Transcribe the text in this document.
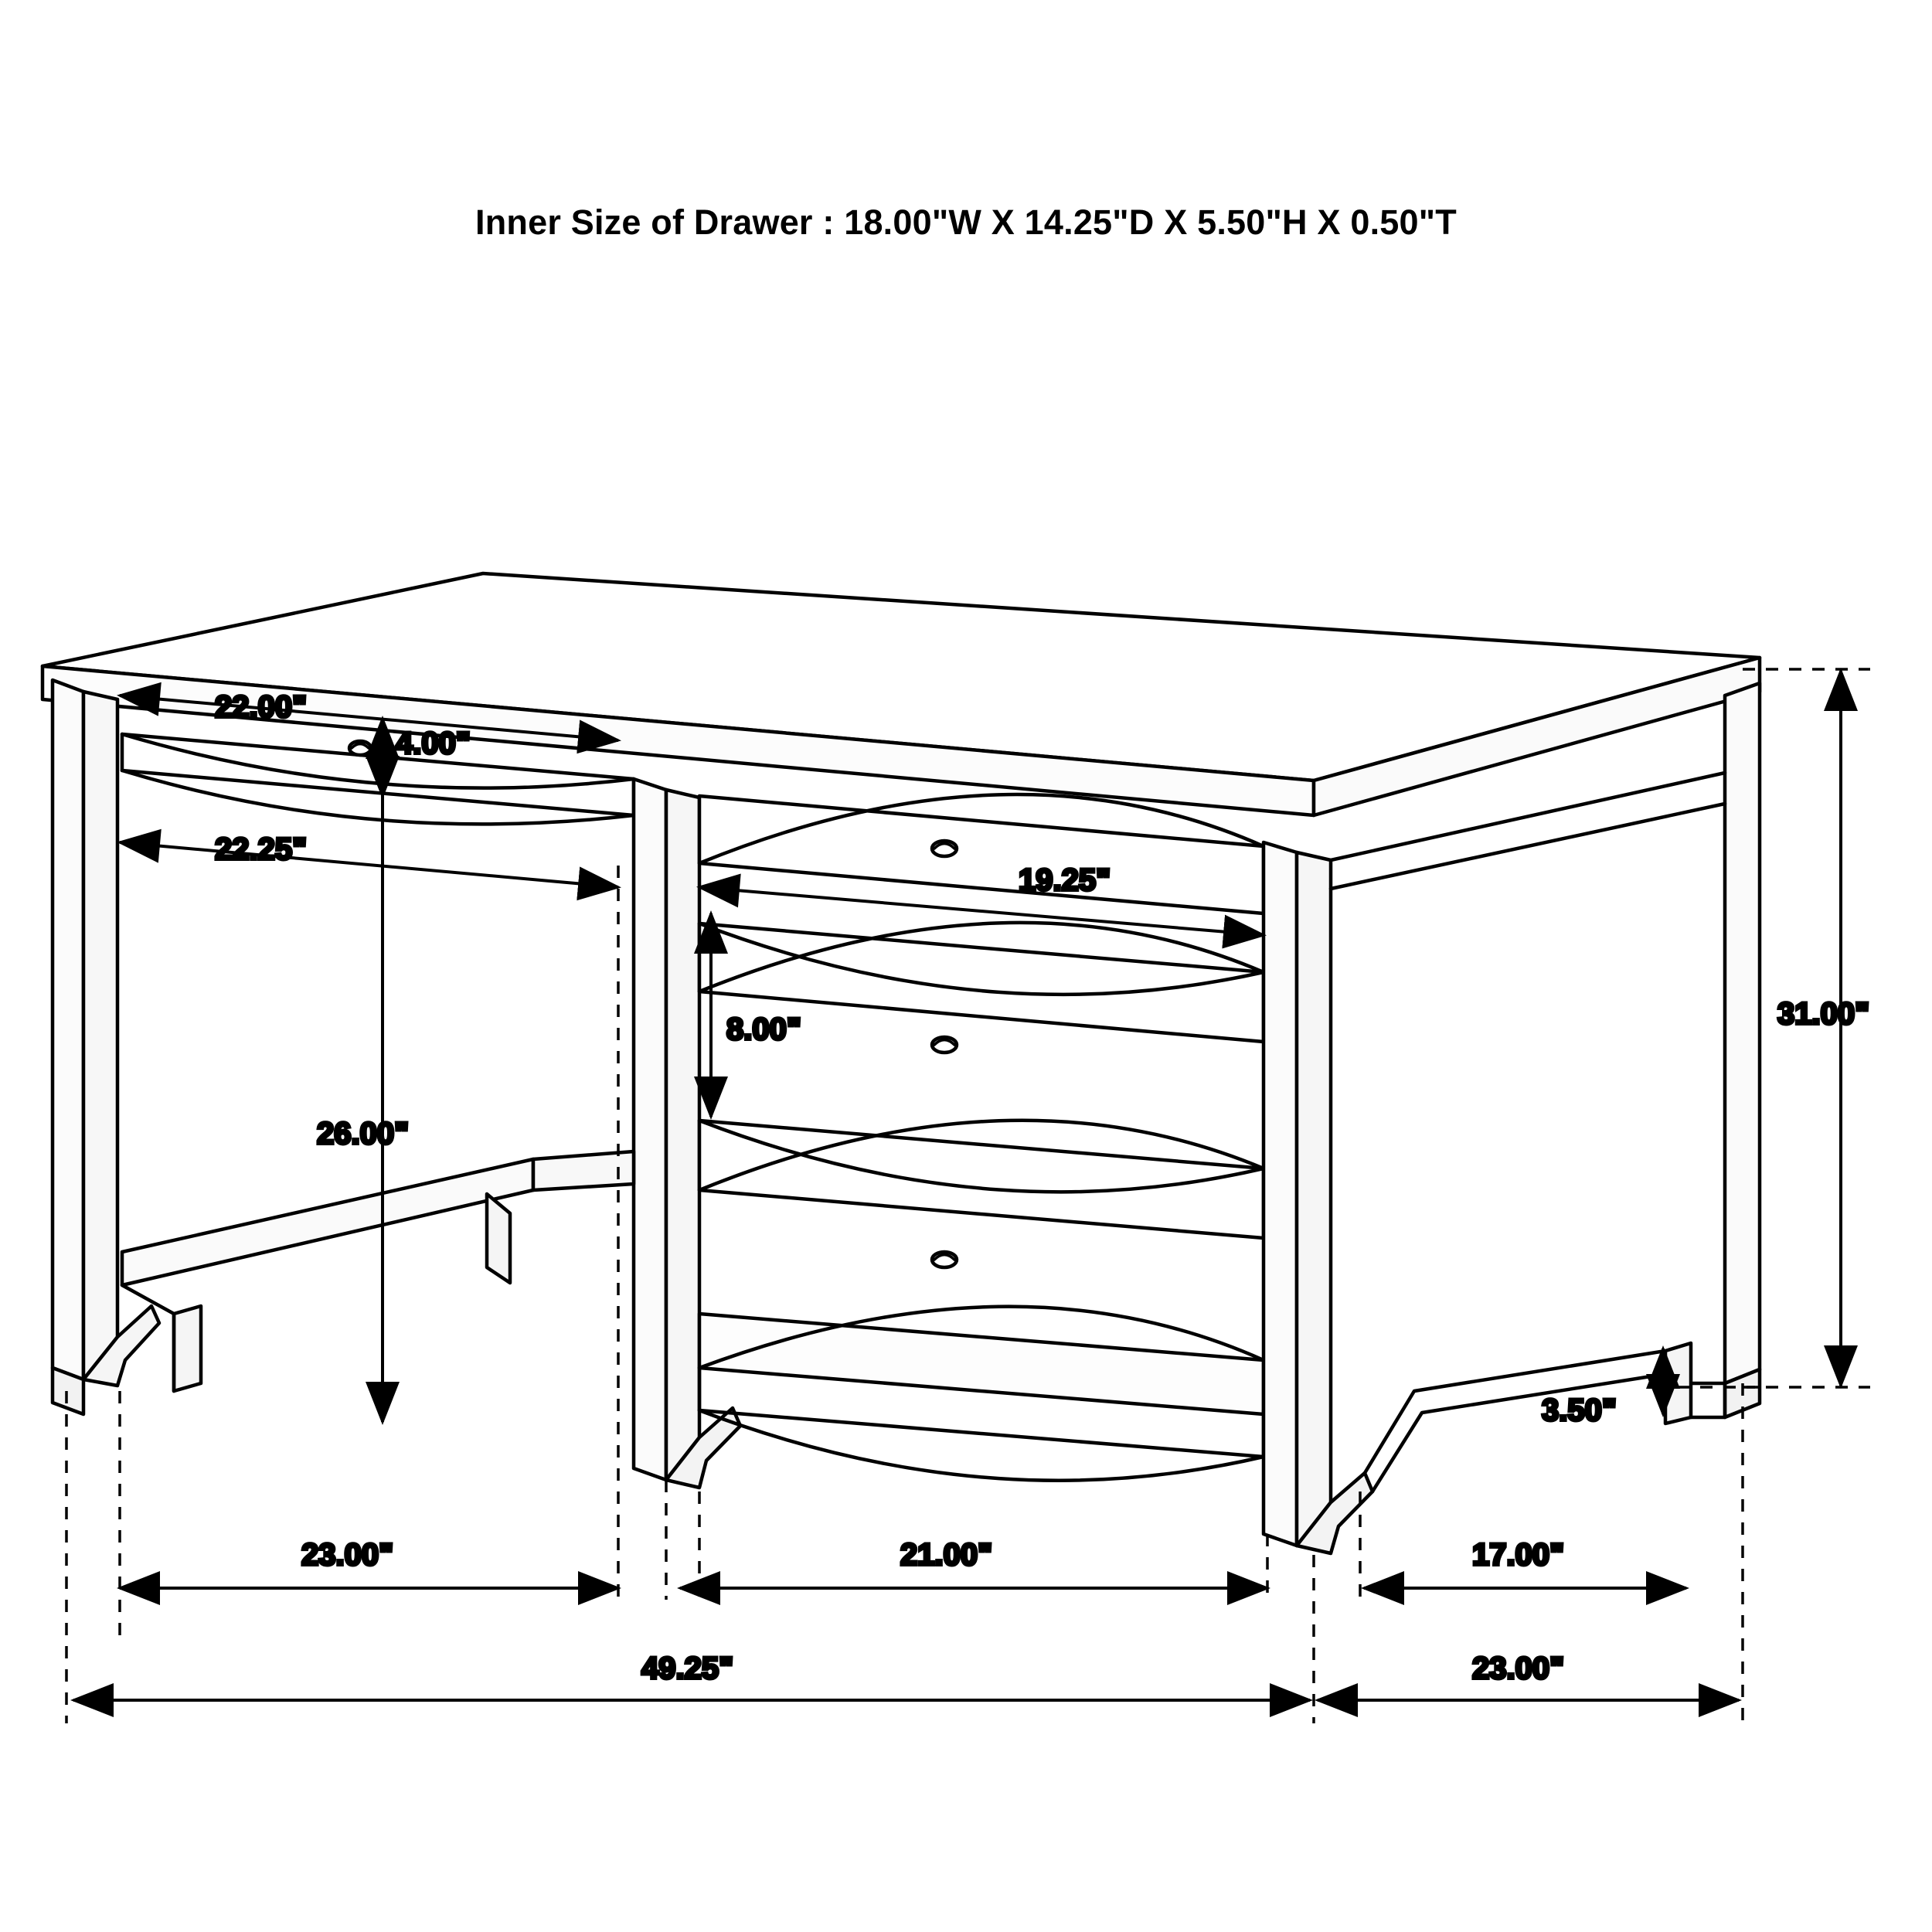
Inner Size of Drawer : 18.00"W X 14.25"D X 5.50"H X 0.50"T
22.00"
4.00"
22.25"
19.25"
8.00"
26.00"
31.00"
3.50"
23.00"	21.00"	17.00"
49.25"	23.00"
